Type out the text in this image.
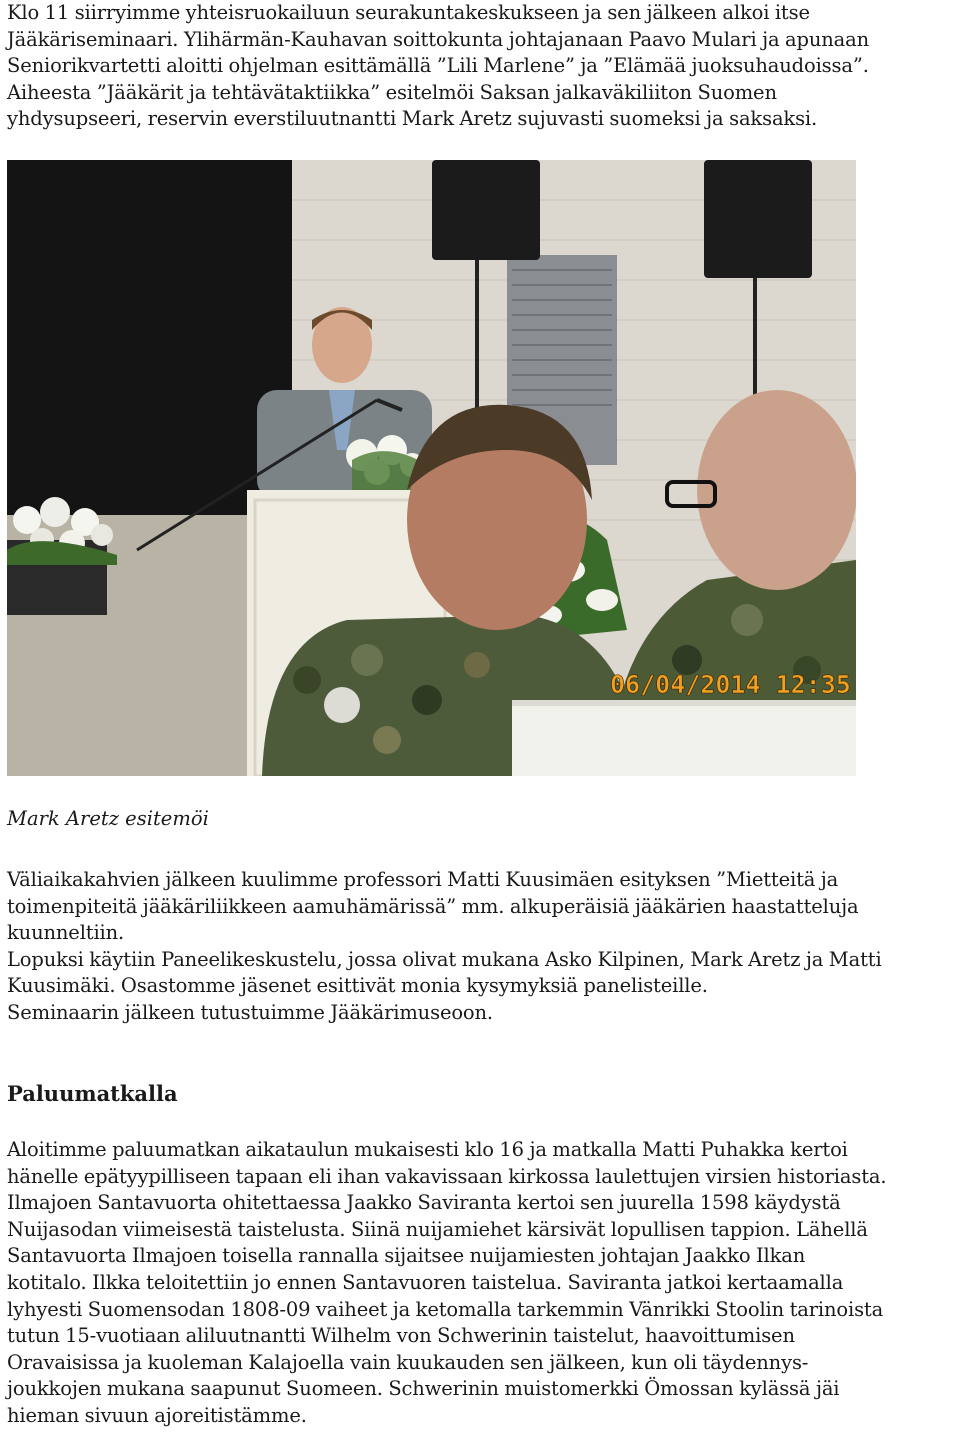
Klo 11 siirryimme yhteisruokailuun seurakuntakeskukseen ja sen jälkeen alkoi itse
Jääkäriseminaari. Ylihärmän-Kauhavan soittokunta johtajanaan Paavo Mulari ja apunaan
Seniorikvartetti aloitti ohjelman esittämällä ”Lili Marlene” ja ”Elämää juoksuhaudoissa”.
Aiheesta ”Jääkärit ja tehtävätaktiikka” esitelmöi Saksan jalkaväkiliiton Suomen
yhdysupseeri, reservin everstiluutnantti Mark Aretz sujuvasti suomeksi ja saksaksi.

06/04/2014 12:35

Mark Aretz esitemöi

Väliaikakahvien jälkeen kuulimme professori Matti Kuusimäen esityksen ”Mietteitä ja
toimenpiteitä jääkäriliikkeen aamuhämärissä” mm. alkuperäisiä jääkärien haastatteluja
kuunneltiin.
Lopuksi käytiin Paneelikeskustelu, jossa olivat mukana Asko Kilpinen, Mark Aretz ja Matti
Kuusimäki. Osastomme jäsenet esittivät monia kysymyksiä panelisteille.
Seminaarin jälkeen tutustuimme Jääkärimuseoon.

Paluumatkalla

Aloitimme paluumatkan aikataulun mukaisesti klo 16 ja matkalla Matti Puhakka kertoi
hänelle epätyypilliseen tapaan eli ihan vakavissaan kirkossa laulettujen virsien historiasta.
Ilmajoen Santavuorta ohitettaessa Jaakko Saviranta kertoi sen juurella 1598 käydystä
Nuijasodan viimeisestä taistelusta. Siinä nuijamiehet kärsivät lopullisen tappion. Lähellä
Santavuorta Ilmajoen toisella rannalla sijaitsee nuijamiesten johtajan Jaakko Ilkan
kotitalo. Ilkka teloitettiin jo ennen Santavuoren taistelua. Saviranta jatkoi kertaamalla
lyhyesti Suomensodan 1808-09 vaiheet ja ketomalla tarkemmin Vänrikki Stoolin tarinoista
tutun 15-vuotiaan aliluutnantti Wilhelm von Schwerinin taistelut, haavoittumisen
Oravaisissa ja kuoleman Kalajoella vain kuukauden sen jälkeen, kun oli täydennys-
joukkojen mukana saapunut Suomeen. Schwerinin muistomerkki Ömossan kylässä jäi
hieman sivuun ajoreitistämme.
